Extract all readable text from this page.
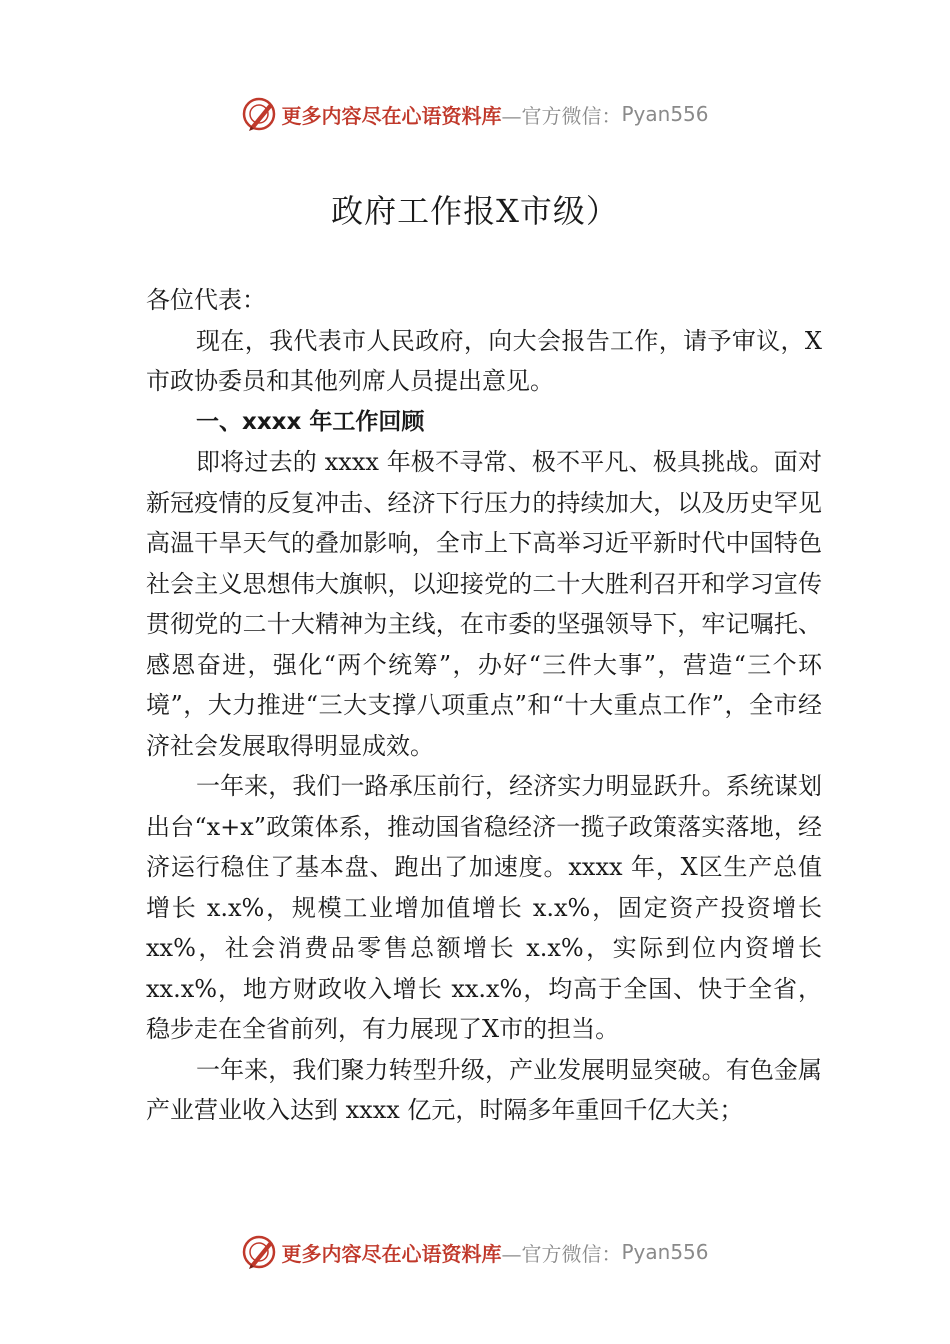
更多内容尽在心语资料库 —官方微信： Pyan556
政府工作报X市级）

各位代表：

现在，我代表市人民政府，向大会报告工作，请予审议，X市政协委员和其他列席人员提出意见。

一、xxxx 年工作回顾

即将过去的 xxxx 年极不寻常、极不平凡、极具挑战。面对新冠疫情的反复冲击、经济下行压力的持续加大，以及历史罕见高温干旱天气的叠加影响，全市上下高举习近平新时代中国特色社会主义思想伟大旗帜，以迎接党的二十大胜利召开和学习宣传贯彻党的二十大精神为主线，在市委的坚强领导下，牢记嘱托、感恩奋进，强化“两个统筹”，办好“三件大事”，营造“三个环境”，大力推进“三大支撑八项重点”和“十大重点工作”，全市经济社会发展取得明显成效。

一年来，我们一路承压前行，经济实力明显跃升。系统谋划出台“x+x”政策体系，推动国省稳经济一揽子政策落实落地，经济运行稳住了基本盘、跑出了加速度。xxxx 年，X区生产总值增长 x.x%，规模工业增加值增长 x.x%，固定资产投资增长 xx%，社会消费品零售总额增长 x.x%，实际到位内资增长 xx.x%，地方财政收入增长 xx.x%，均高于全国、快于全省，稳步走在全省前列，有力展现了X市的担当。

一年来，我们聚力转型升级，产业发展明显突破。有色金属产业营业收入达到 xxxx 亿元，时隔多年重回千亿大关；

更多内容尽在心语资料库 —官方微信： Pyan556
